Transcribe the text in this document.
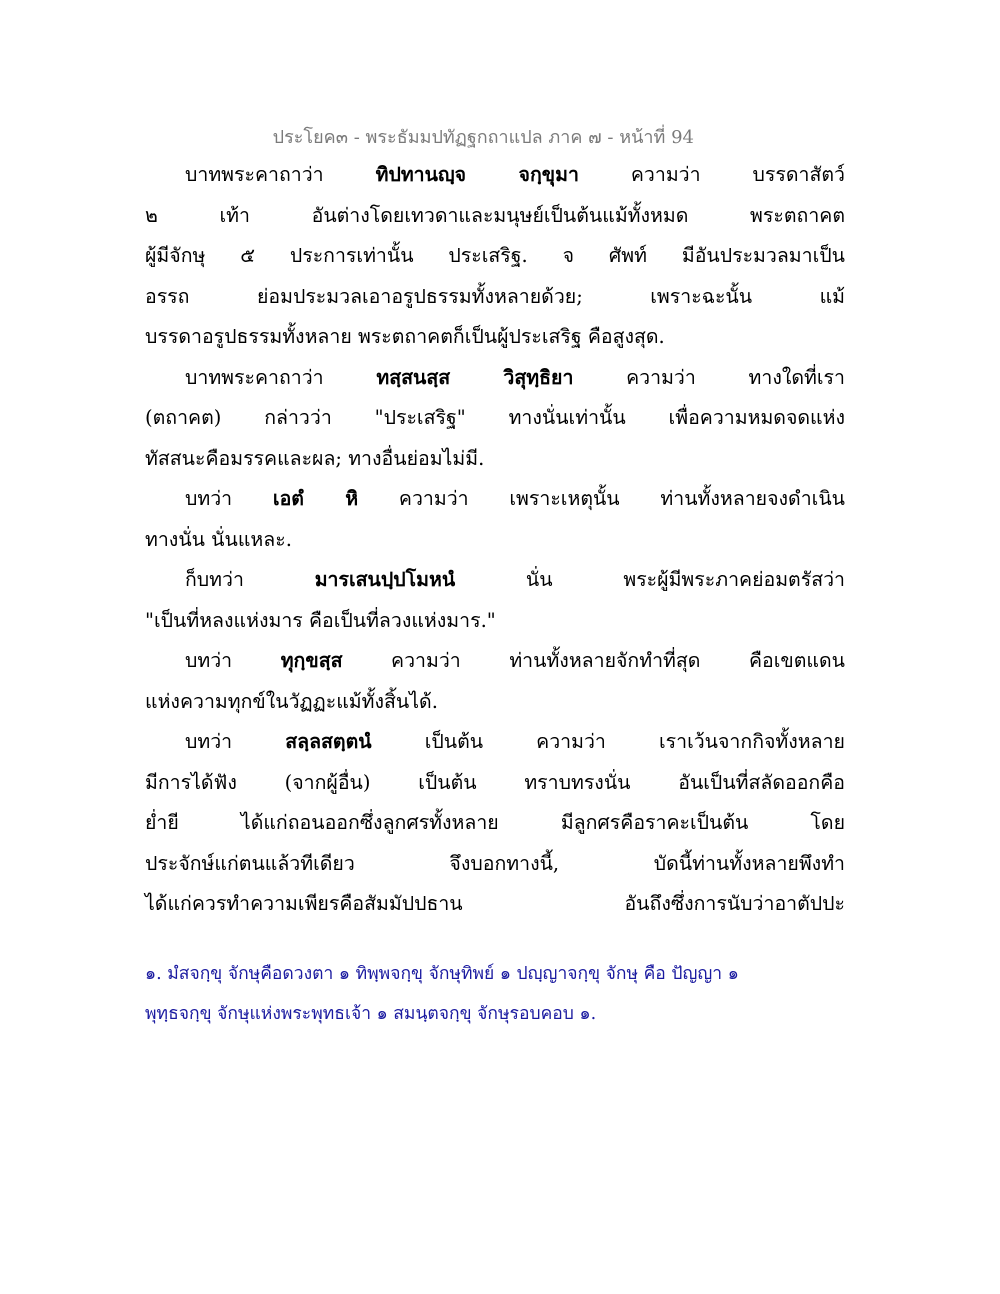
ประโยค๓ - พระธัมมปทัฏฐกถาแปล ภาค ๗ - หน้าที่ 94

บาทพระคาถาว่า ทิปทานญฺจ จกฺขุมา ความว่า บรรดาสัตว์
๒ เท้า อันต่างโดยเทวดาและมนุษย์เป็นต้นแม้ทั้งหมด พระตถาคต
ผู้มีจักษุ ๕ ประการเท่านั้น ประเสริฐ. จ ศัพท์ มีอันประมวลมาเป็น
อรรถ ย่อมประมวลเอาอรูปธรรมทั้งหลายด้วย; เพราะฉะนั้น แม้
บรรดาอรูปธรรมทั้งหลาย พระตถาคตก็เป็นผู้ประเสริฐ คือสูงสุด.

บาทพระคาถาว่า ทสฺสนสฺส วิสุทฺธิยา ความว่า ทางใดที่เรา
(ตถาคต) กล่าวว่า "ประเสริฐ" ทางนั่นเท่านั้น เพื่อความหมดจดแห่ง
ทัสสนะคือมรรคและผล; ทางอื่นย่อมไม่มี.

บทว่า เอตํ หิ ความว่า เพราะเหตุนั้น ท่านทั้งหลายจงดำเนิน
ทางนั่น นั่นแหละ.

ก็บทว่า มารเสนปฺปโมหนํ นั่น พระผู้มีพระภาคย่อมตรัสว่า
"เป็นที่หลงแห่งมาร คือเป็นที่ลวงแห่งมาร."

บทว่า ทุกฺขสฺส ความว่า ท่านทั้งหลายจักทำที่สุด คือเขตแดน
แห่งความทุกข์ในวัฏฏะแม้ทั้งสิ้นได้.

บทว่า สลฺลสตฺตนํ เป็นต้น ความว่า เราเว้นจากกิจทั้งหลาย
มีการได้ฟัง (จากผู้อื่น) เป็นต้น ทราบทรงนั่น อันเป็นที่สลัดออกคือ
ย่ำยี ได้แก่ถอนออกซึ่งลูกศรทั้งหลาย มีลูกศรคือราคะเป็นต้น โดย
ประจักษ์แก่ตนแล้วทีเดียว จึงบอกทางนี้, บัดนี้ท่านทั้งหลายพึงทำ
ได้แก่ควรทำความเพียรคือสัมมัปปธาน อันถึงซึ่งการนับว่าอาตัปปะ

๑. มํสจกฺขุ จักษุคือดวงตา ๑ ทิพฺพจกฺขุ จักษุทิพย์ ๑ ปญฺญาจกฺขุ จักษุ คือ ปัญญา ๑
พุทฺธจกฺขุ จักษุแห่งพระพุทธเจ้า ๑ สมนฺตจกฺขุ จักษุรอบคอบ ๑.
